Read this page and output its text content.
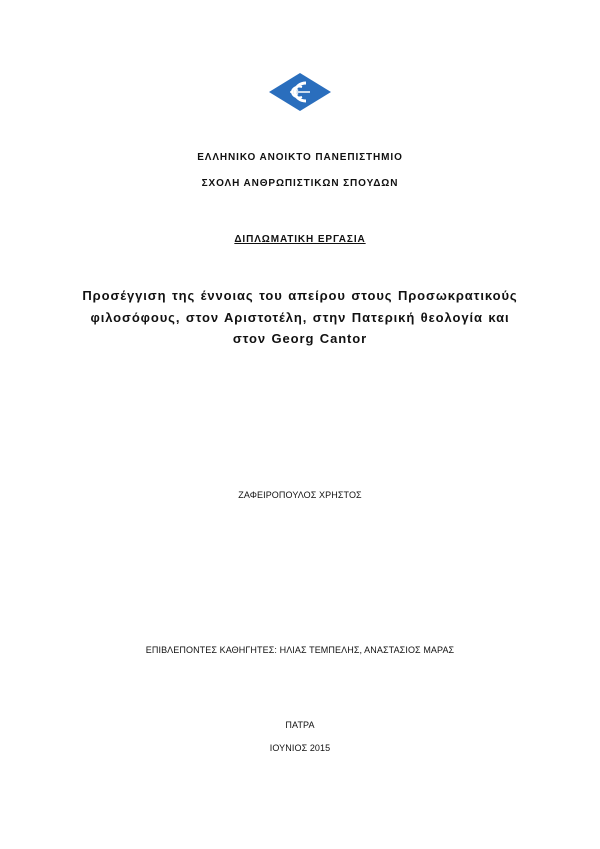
ΕΛΛΗΝΙΚΟ ΑΝΟΙΚΤΟ ΠΑΝΕΠΙΣΤΗΜΙΟ
ΣΧΟΛΗ ΑΝΘΡΩΠΙΣΤΙΚΩΝ ΣΠΟΥΔΩΝ
ΔΙΠΛΩΜΑΤΙΚΗ ΕΡΓΑΣΙΑ
Προσέγγιση της έννοιας του απείρου στους Προσωκρατικούς
φιλοσόφους, στον Αριστοτέλη, στην Πατερική θεολογία και
στον Georg Cantor
ΖΑΦΕΙΡΟΠΟΥΛΟΣ ΧΡΗΣΤΟΣ
ΕΠΙΒΛΕΠΟΝΤΕΣ ΚΑΘΗΓΗΤΕΣ: ΗΛΙΑΣ ΤΕΜΠΕΛΗΣ, ΑΝΑΣΤΑΣΙΟΣ ΜΑΡΑΣ
ΠΑΤΡΑ
ΙΟΥΝΙΟΣ 2015
